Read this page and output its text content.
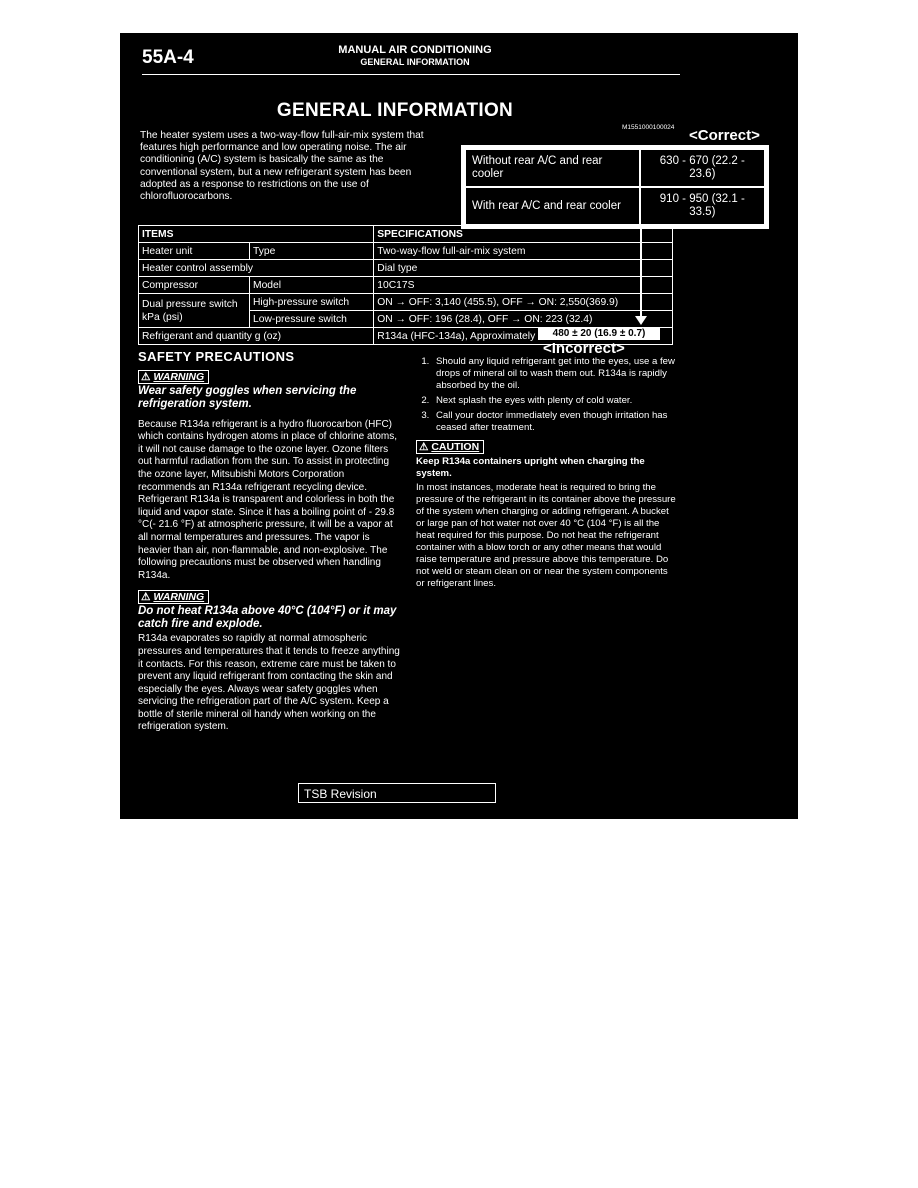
55A-4	MANUAL AIR CONDITIONING
GENERAL INFORMATION
GENERAL INFORMATION

The heater system uses a two-way-flow full-air-mix system that features high performance and low operating noise. The air conditioning (A/C) system is basically the same as the conventional system, but a new refrigerant system has been adopted as a response to restrictions on the use of chlorofluorocarbons.

M1551000100024 <Correct>
Without rear A/C and rear cooler	630 - 670 (22.2 - 23.6)
With rear A/C and rear cooler	910 - 950 (32.1 - 33.5)
ITEMS		SPECIFICATIONS
Heater unit	Type	Two-way-flow full-air-mix system
Heater control assembly		Dial type
Compressor	Model	10C17S
Dual pressure switch kPa (psi)	High-pressure switch	ON → OFF: 3,140 (455.5), OFF → ON: 2,550(369.9)
	Low-pressure switch	ON → OFF: 196 (28.4), OFF → ON: 223 (32.4)
Refrigerant and quantity g (oz)		R134a (HFC-134a), Approximately	480 ± 20 (16.9 ± 0.7)
<Incorrect>
SAFETY PRECAUTIONS
⚠ WARNING
Wear safety goggles when servicing the refrigeration system.

Because R134a refrigerant is a hydro fluorocarbon (HFC) which contains hydrogen atoms in place of chlorine atoms, it will not cause damage to the ozone layer. Ozone filters out harmful radiation from the sun. To assist in protecting the ozone layer, Mitsubishi Motors Corporation recommends an R134a refrigerant recycling device. Refrigerant R134a is transparent and colorless in both the liquid and vapor state. Since it has a boiling point of - 29.8 °C(- 21.6 °F) at atmospheric pressure, it will be a vapor at all normal temperatures and pressures. The vapor is heavier than air, non-flammable, and non-explosive. The following precautions must be observed when handling R134a.

⚠ WARNING
Do not heat R134a above 40°C (104°F) or it may catch fire and explode.

R134a evaporates so rapidly at normal atmospheric pressures and temperatures that it tends to freeze anything it contacts. For this reason, extreme care must be taken to prevent any liquid refrigerant from contacting the skin and especially the eyes. Always wear safety goggles when servicing the refrigeration part of the A/C system. Keep a bottle of sterile mineral oil handy when working on the refrigeration system.

1. Should any liquid refrigerant get into the eyes, use a few drops of mineral oil to wash them out. R134a is rapidly absorbed by the oil.
2. Next splash the eyes with plenty of cold water.
3. Call your doctor immediately even though irritation has ceased after treatment.
⚠ CAUTION
Keep R134a containers upright when charging the system.

In most instances, moderate heat is required to bring the pressure of the refrigerant in its container above the pressure of the system when charging or adding refrigerant. A bucket or large pan of hot water not over 40 °C (104 °F) is all the heat required for this purpose. Do not heat the refrigerant container with a blow torch or any other means that would raise temperature and pressure above this temperature. Do not weld or steam clean on or near the system components or refrigerant lines.

TSB Revision
